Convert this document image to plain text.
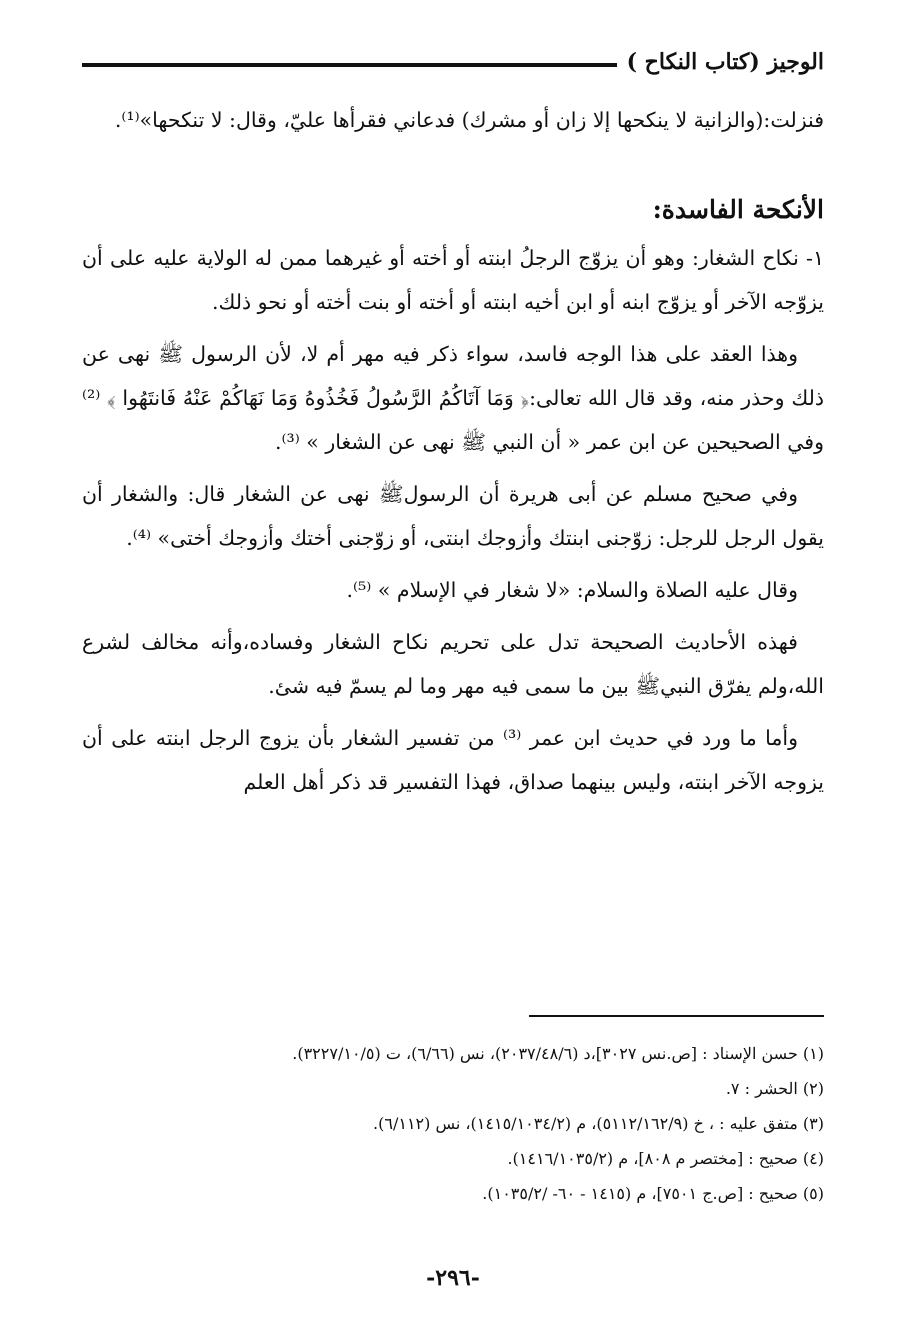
الوجيز (كتاب النكاح )

فنزلت:(والزانية لا ينكحها إلا زان أو مشرك) فدعاني فقرأها عليّ، وقال: لا تنكحها»⁽¹⁾.

الأنكحة الفاسدة:

١- نكاح الشغار: وهو أن يزوّج الرجلُ ابنته أو أخته أو غيرهما ممن له الولاية عليه على أن يزوّجه الآخر أو يزوّج ابنه أو ابن أخيه ابنته أو أخته أو بنت أخته أو نحو ذلك.

وهذا العقد على هذا الوجه فاسد، سواء ذكر فيه مهر أم لا، لأن الرسول ﷺ نهى عن ذلك وحذر منه، وقد قال الله تعالى:﴿ وَمَا آتَاكُمُ الرَّسُولُ فَخُذُوهُ وَمَا نَهَاكُمْ عَنْهُ فَانتَهُوا ﴾ ⁽²⁾ وفي الصحيحين عن ابن عمر « أن النبي ﷺ نهى عن الشغار » ⁽³⁾.

وفي صحيح مسلم عن أبى هريرة أن الرسولﷺ نهى عن الشغار قال: والشغار أن يقول الرجل للرجل: زوّجنى ابنتك وأزوجك ابنتى، أو زوّجنى أختك وأزوجك أختى» ⁽⁴⁾.

وقال عليه الصلاة والسلام: «لا شغار في الإسلام » ⁽⁵⁾.

فهذه الأحاديث الصحيحة تدل على تحريم نكاح الشغار وفساده،وأنه مخالف لشرع الله،ولم يفرّق النبيﷺ بين ما سمى فيه مهر وما لم يسمّ فيه شئ.

وأما ما ورد في حديث ابن عمر ⁽³⁾ من تفسير الشغار بأن يزوج الرجل ابنته على أن يزوجه الآخر ابنته، وليس بينهما صداق، فهذا التفسير قد ذكر أهل العلم

(١) حسن الإسناد : [ص.نس ٣٠٢٧]،د (٢٠٣٧/٤٨/٦)، نس (٦/٦٦)، ت (٣٢٢٧/١٠/٥).
(٢) الحشر : ٧.
(٣) متفق عليه : ، خ (٥١١٢/١٦٢/٩)، م (١٤١٥/١٠٣٤/٢)، نس (٦/١١٢).
(٤) صحيح : [مختصر م ٨٠٨]، م (١٤١٦/١٠٣٥/٢).
(٥) صحيح : [ص.ج ٧٥٠١]، م (١٤١٥ - ٦٠- /١٠٣٥/٢).
-٢٩٦-
